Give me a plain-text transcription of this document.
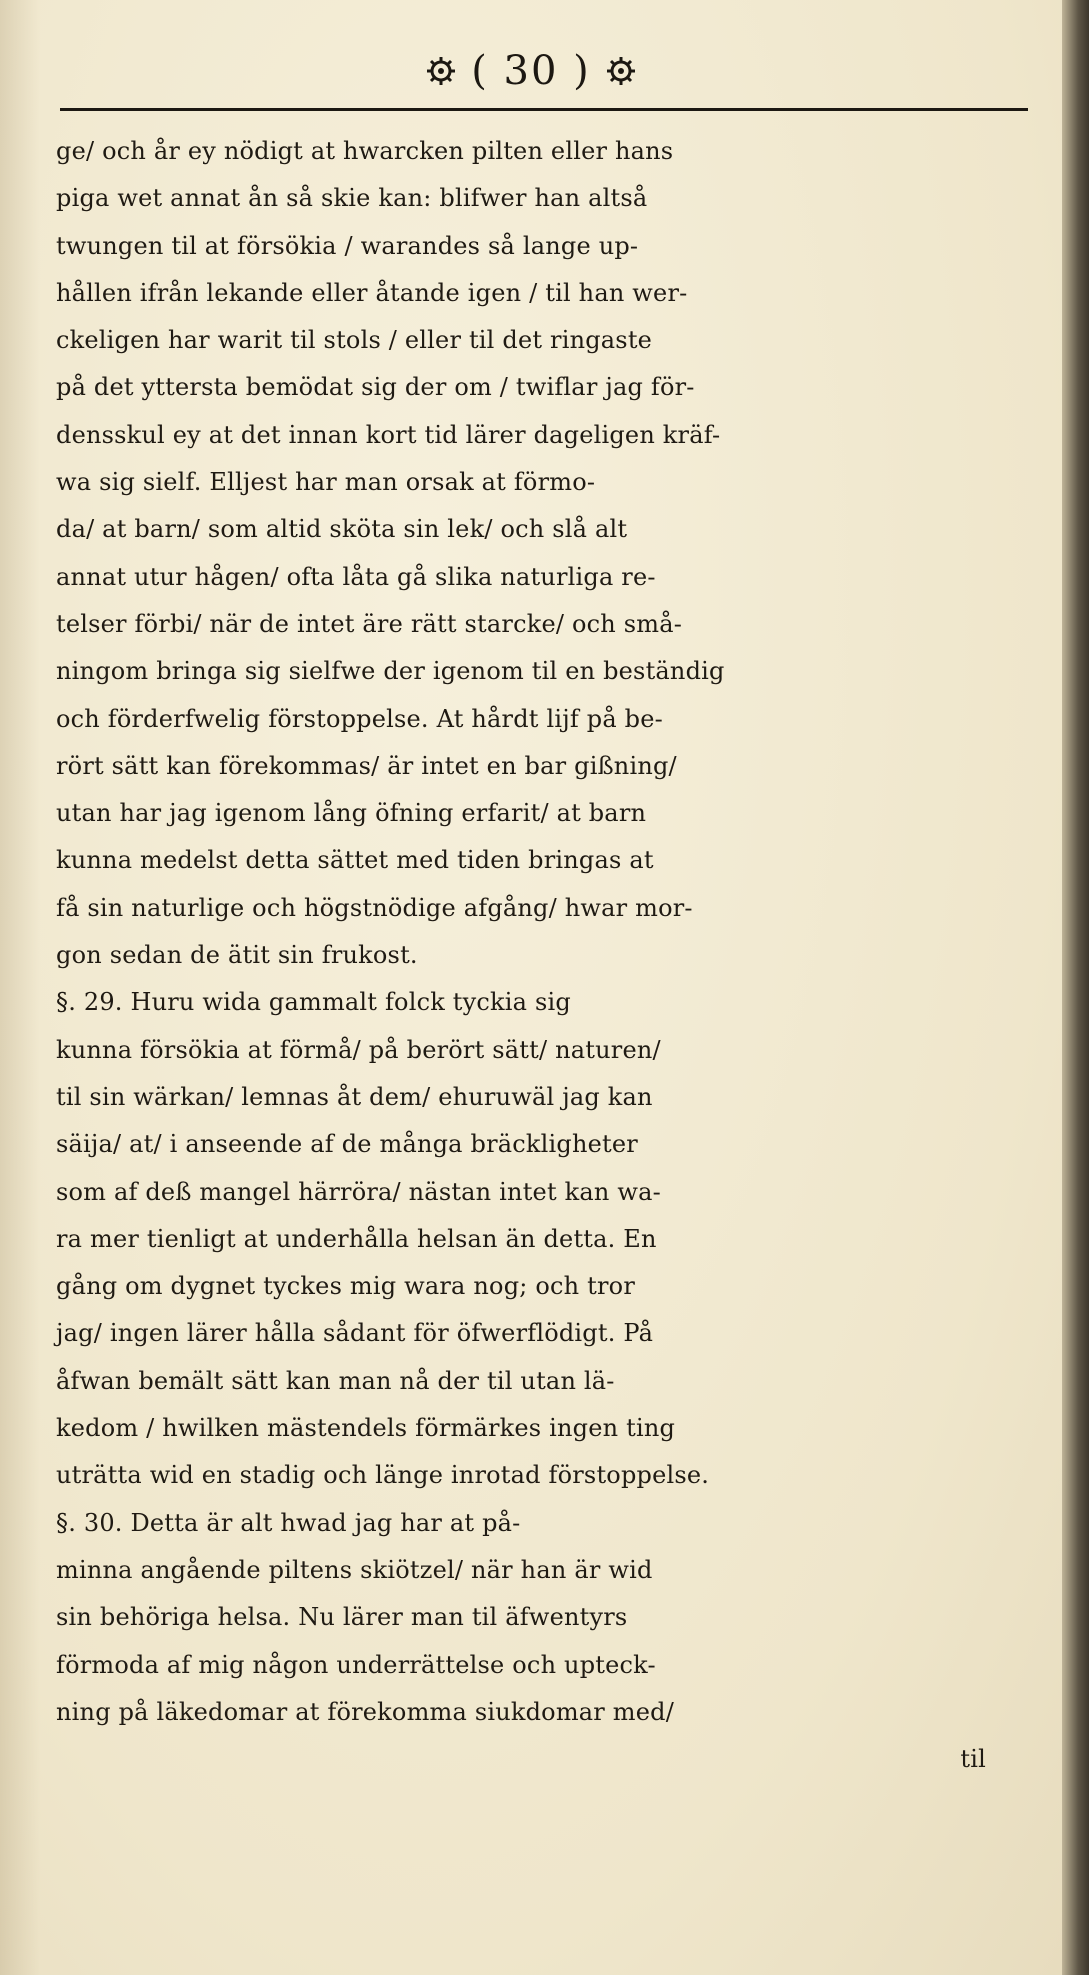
( 30 )
ge/ och år ey nödigt at hwarcken pilten eller hans
piga wet annat ån så skie kan: blifwer han altså
twungen til at försökia / warandes så lange up-
hållen ifrån lekande eller åtande igen / til han wer-
ckeligen har warit til stols / eller til det ringaste
på det yttersta bemödat sig der om / twiflar jag för-
densskul ey at det innan kort tid lärer dageligen kräf-
wa sig sielf. Elljest har man orsak at förmo-
da/ at barn/ som altid sköta sin lek/ och slå alt
annat utur hågen/ ofta låta gå slika naturliga re-
telser förbi/ när de intet äre rätt starcke/ och små-
ningom bringa sig sielfwe der igenom til en beständig
och förderfwelig förstoppelse. At hårdt lijf på be-
rört sätt kan förekommas/ är intet en bar gißning/
utan har jag igenom lång öfning erfarit/ at barn
kunna medelst detta sättet med tiden bringas at
få sin naturlige och högstnödige afgång/ hwar mor-
gon sedan de ätit sin frukost.
§. 29. Huru wida gammalt folck tyckia sig
kunna försökia at förmå/ på berört sätt/ naturen/
til sin wärkan/ lemnas åt dem/ ehuruwäl jag kan
säija/ at/ i anseende af de många bräckligheter
som af deß mangel härröra/ nästan intet kan wa-
ra mer tienligt at underhålla helsan än detta. En
gång om dygnet tyckes mig wara nog; och tror
jag/ ingen lärer hålla sådant för öfwerflödigt. På
åfwan bemält sätt kan man nå der til utan lä-
kedom / hwilken mästendels förmärkes ingen ting
uträtta wid en stadig och länge inrotad förstoppelse.
§. 30. Detta är alt hwad jag har at på-
minna angående piltens skiötzel/ när han är wid
sin behöriga helsa. Nu lärer man til äfwentyrs
förmoda af mig någon underrättelse och upteck-
ning på läkedomar at förekomma siukdomar med/
til
